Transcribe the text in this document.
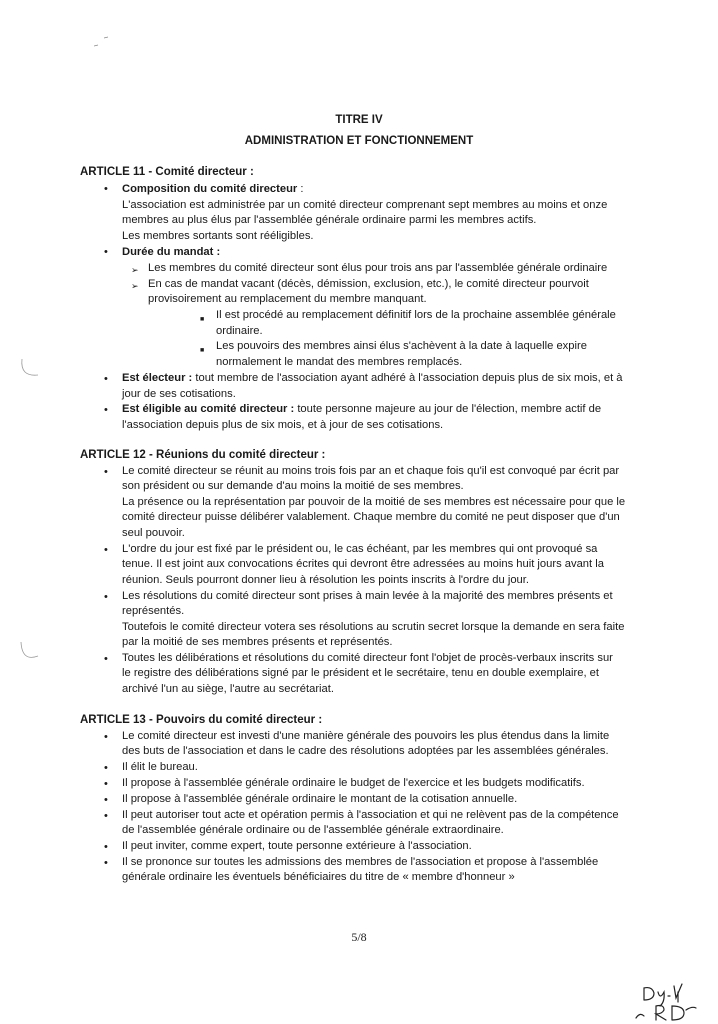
TITRE IV
ADMINISTRATION ET FONCTIONNEMENT
ARTICLE 11 - Comité directeur :
•	Composition du comité directeur :
L'association est administrée par un comité directeur comprenant sept membres au moins et onze
membres au plus élus par l'assemblée générale ordinaire parmi les membres actifs.
Les membres sortants sont rééligibles.
•	Durée du mandat :
➢ Les membres du comité directeur sont élus pour trois ans par l'assemblée générale ordinaire
➢ En cas de mandat vacant (décès, démission, exclusion, etc.), le comité directeur pourvoit
provisoirement au remplacement du membre manquant.
■ Il est procédé au remplacement définitif lors de la prochaine assemblée générale
ordinaire.
■ Les pouvoirs des membres ainsi élus s'achèvent à la date à laquelle expire
normalement le mandat des membres remplacés.
•	Est électeur : tout membre de l'association ayant adhéré à l'association depuis plus de six mois, et à
jour de ses cotisations.
•	Est éligible au comité directeur : toute personne majeure au jour de l'élection, membre actif de
l'association depuis plus de six mois, et à jour de ses cotisations.
ARTICLE 12 - Réunions du comité directeur :
•	Le comité directeur se réunit au moins trois fois par an et chaque fois qu'il est convoqué par écrit par
son président ou sur demande d'au moins la moitié de ses membres.
La présence ou la représentation par pouvoir de la moitié de ses membres est nécessaire pour que le
comité directeur puisse délibérer valablement. Chaque membre du comité ne peut disposer que d'un
seul pouvoir.
•	L'ordre du jour est fixé par le président ou, le cas échéant, par les membres qui ont provoqué sa
tenue. Il est joint aux convocations écrites qui devront être adressées au moins huit jours avant la
réunion. Seuls pourront donner lieu à résolution les points inscrits à l'ordre du jour.
•	Les résolutions du comité directeur sont prises à main levée à la majorité des membres présents et
représentés.
Toutefois le comité directeur votera ses résolutions au scrutin secret lorsque la demande en sera faite
par la moitié de ses membres présents et représentés.
•	Toutes les délibérations et résolutions du comité directeur font l'objet de procès-verbaux inscrits sur
le registre des délibérations signé par le président et le secrétaire, tenu en double exemplaire, et
archivé l'un au siège, l'autre au secrétariat.
ARTICLE 13 - Pouvoirs du comité directeur :
•	Le comité directeur est investi d'une manière générale des pouvoirs les plus étendus dans la limite
des buts de l'association et dans le cadre des résolutions adoptées par les assemblées générales.
•	Il élit le bureau.
•	Il propose à l'assemblée générale ordinaire le budget de l'exercice et les budgets modificatifs.
•	Il propose à l'assemblée générale ordinaire le montant de la cotisation annuelle.
•	Il peut autoriser tout acte et opération permis à l'association et qui ne relèvent pas de la compétence
de l'assemblée générale ordinaire ou de l'assemblée générale extraordinaire.
•	Il peut inviter, comme expert, toute personne extérieure à l'association.
•	Il se prononce sur toutes les admissions des membres de l'association et propose à l'assemblée
générale ordinaire les éventuels bénéficiaires du titre de « membre d'honneur »
5/8
